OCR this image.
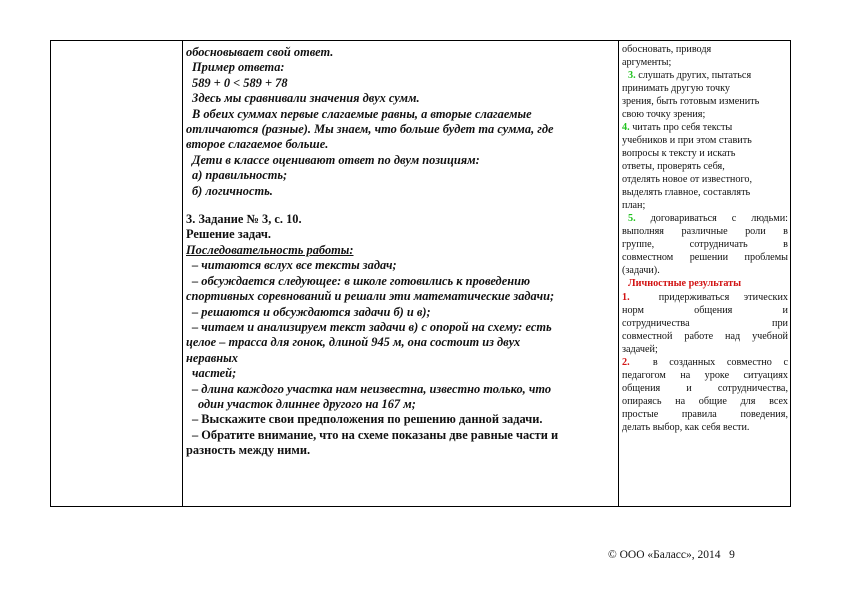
обосновывает свой ответ.
Пример ответа:
589 + 0 < 589 + 78
Здесь мы сравнивали значения двух сумм.
В обеих суммах первые слагаемые равны, а вторые слагаемые
отличаются (разные). Мы знаем, что больше будет та сумма, где
второе слагаемое больше.
Дети в классе оценивают ответ по двум позициям:
а) правильность;
б) логичность.
3. Задание № 3, с. 10.
Решение задач.
Последовательность работы:
– читаются вслух все тексты задач;
– обсуждается следующее: в школе готовились к проведению
спортивных соревнований и решали эти математические задачи;
– решаются и обсуждаются задачи б) и в);
– читаем и анализируем текст задачи в) с опорой на схему: есть
целое – трасса для гонок, длиной 945 м, она состоит из двух
неравных
частей;
– длина каждого участка нам неизвестна, известно только, что
один участок длиннее другого на 167 м;
– Выскажите свои предположения по решению данной задачи.
– Обратите внимание, что на схеме показаны две равные части и
разность между ними.
обосновать, приводя
аргументы;
3. слушать других, пытаться
принимать другую точку
зрения, быть готовым изменить
свою точку зрения;
4. читать про себя тексты
учебников и при этом ставить
вопросы к тексту и искать
ответы, проверять себя,
отделять новое от известного,
выделять главное, составлять
план;
5. договариваться с людьми:
выполняя различные роли в
группе, сотрудничать в
совместном решении проблемы
(задачи).
Личностные результаты
1.	придерживаться этических
норм общения и
сотрудничества при
совместной работе над учебной
задачей;
2. в созданных совместно с
педагогом на уроке ситуациях
общения и сотрудничества,
опираясь на общие для всех
простые правила поведения,
делать выбор, как себя вести.
© ООО «Баласс», 2014 9
